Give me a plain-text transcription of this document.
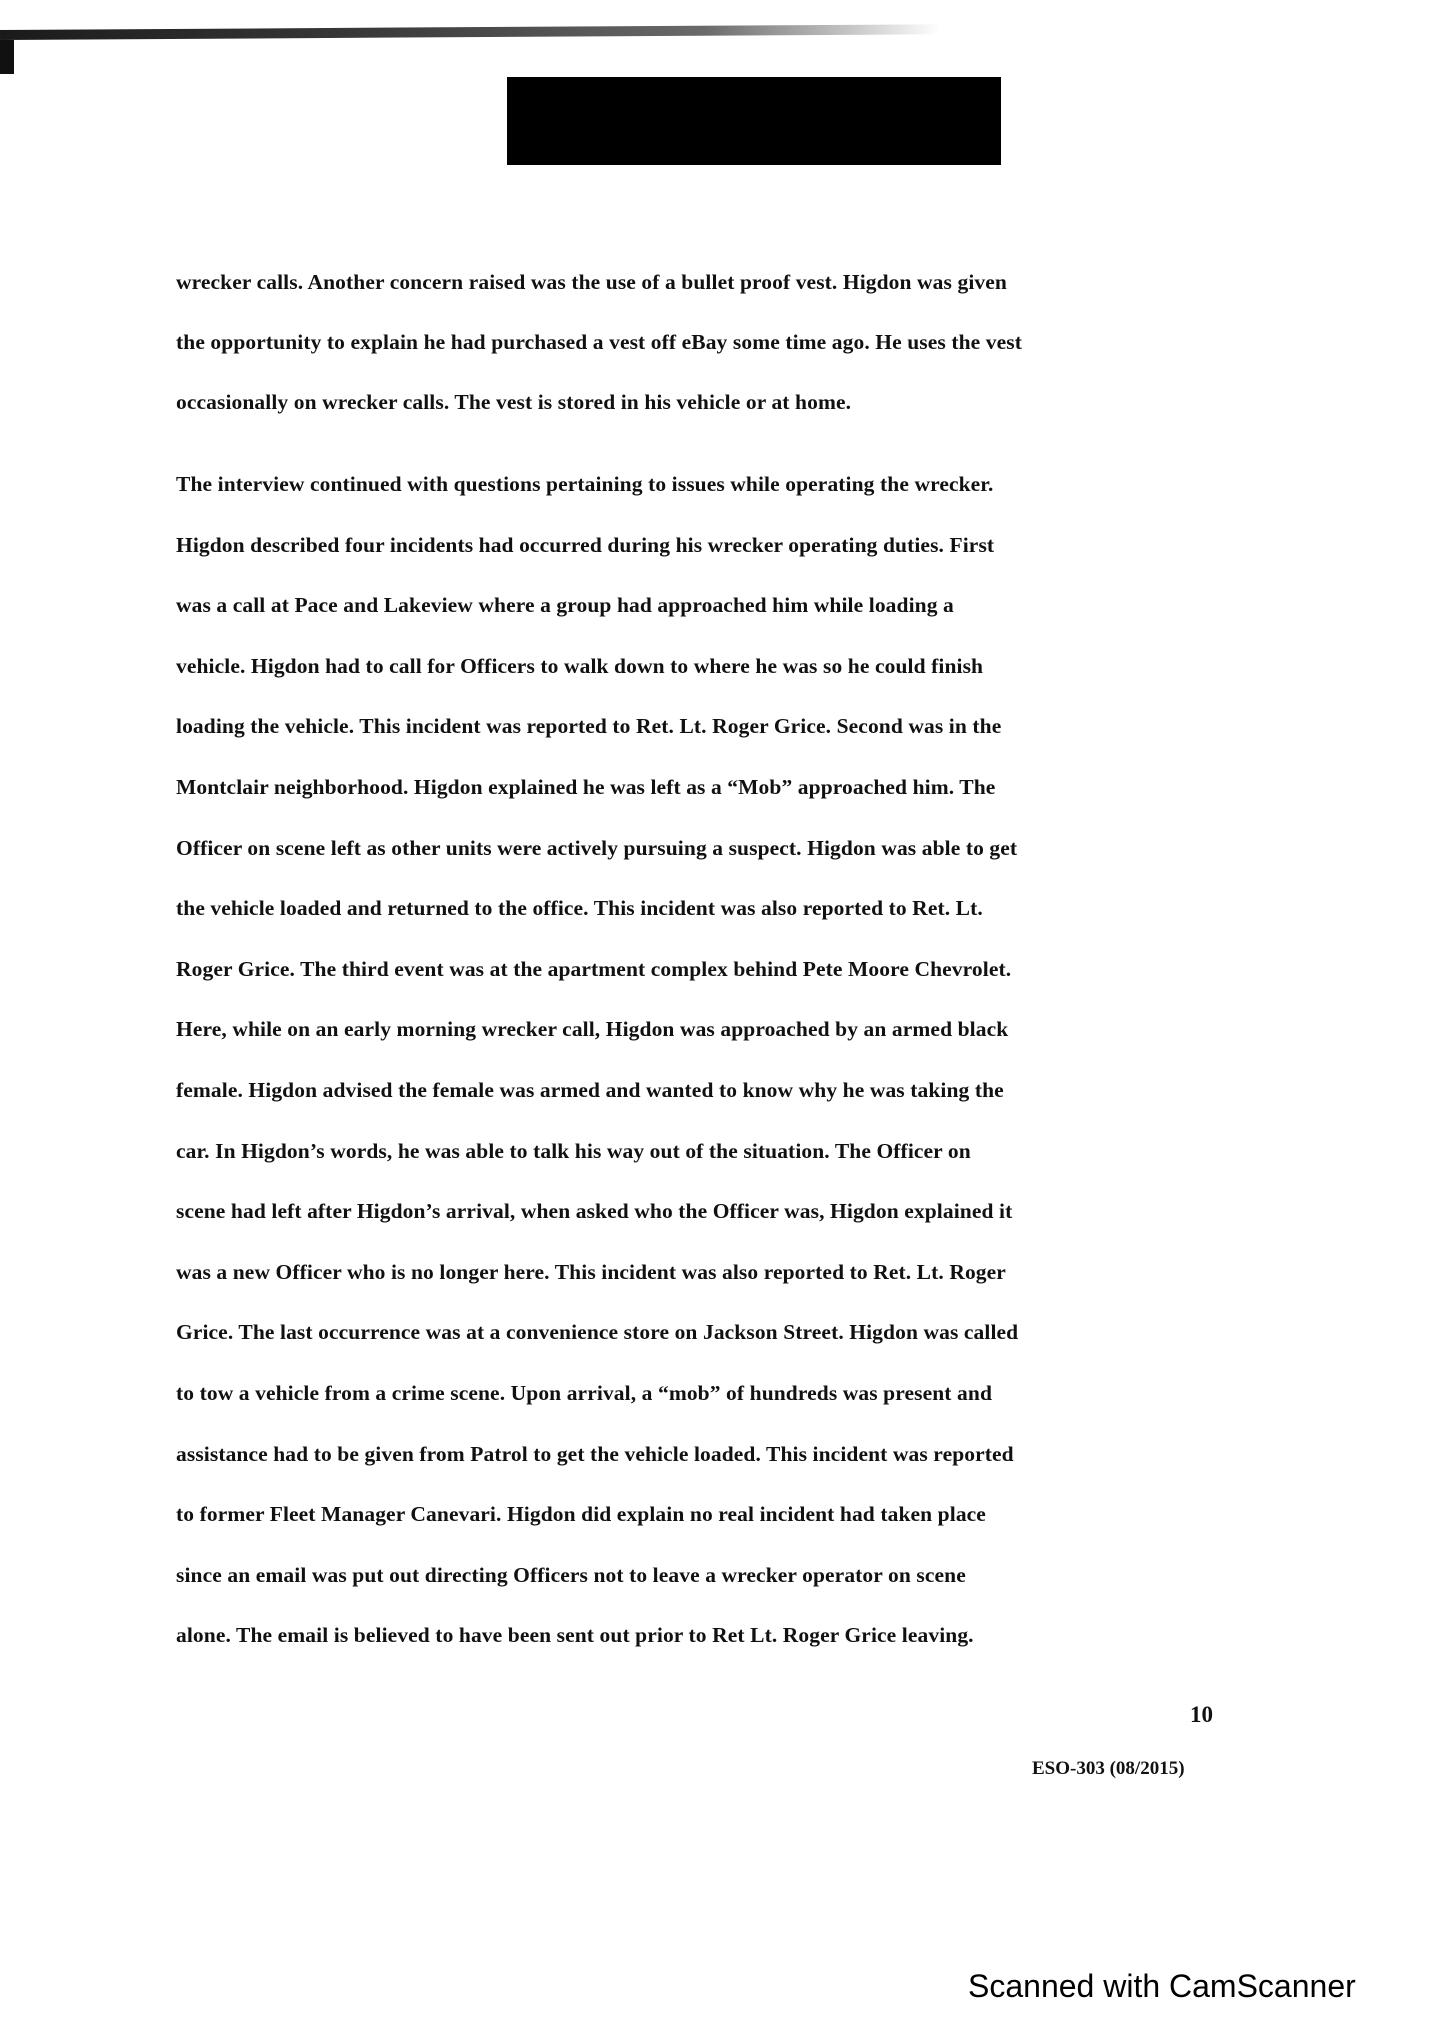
wrecker calls. Another concern raised was the use of a bullet proof vest. Higdon was given
the opportunity to explain he had purchased a vest off eBay some time ago. He uses the vest
occasionally on wrecker calls. The vest is stored in his vehicle or at home.

The interview continued with questions pertaining to issues while operating the wrecker.
Higdon described four incidents had occurred during his wrecker operating duties. First
was a call at Pace and Lakeview where a group had approached him while loading a
vehicle. Higdon had to call for Officers to walk down to where he was so he could finish
loading the vehicle. This incident was reported to Ret. Lt. Roger Grice. Second was in the
Montclair neighborhood. Higdon explained he was left as a “Mob” approached him. The
Officer on scene left as other units were actively pursuing a suspect. Higdon was able to get
the vehicle loaded and returned to the office. This incident was also reported to Ret. Lt.
Roger Grice. The third event was at the apartment complex behind Pete Moore Chevrolet.
Here, while on an early morning wrecker call, Higdon was approached by an armed black
female. Higdon advised the female was armed and wanted to know why he was taking the
car. In Higdon’s words, he was able to talk his way out of the situation. The Officer on
scene had left after Higdon’s arrival, when asked who the Officer was, Higdon explained it
was a new Officer who is no longer here. This incident was also reported to Ret. Lt. Roger
Grice. The last occurrence was at a convenience store on Jackson Street. Higdon was called
to tow a vehicle from a crime scene. Upon arrival, a “mob” of hundreds was present and
assistance had to be given from Patrol to get the vehicle loaded. This incident was reported
to former Fleet Manager Canevari. Higdon did explain no real incident had taken place
since an email was put out directing Officers not to leave a wrecker operator on scene
alone. The email is believed to have been sent out prior to Ret Lt. Roger Grice leaving.

10
ESO-303 (08/2015)
Scanned with CamScanner
